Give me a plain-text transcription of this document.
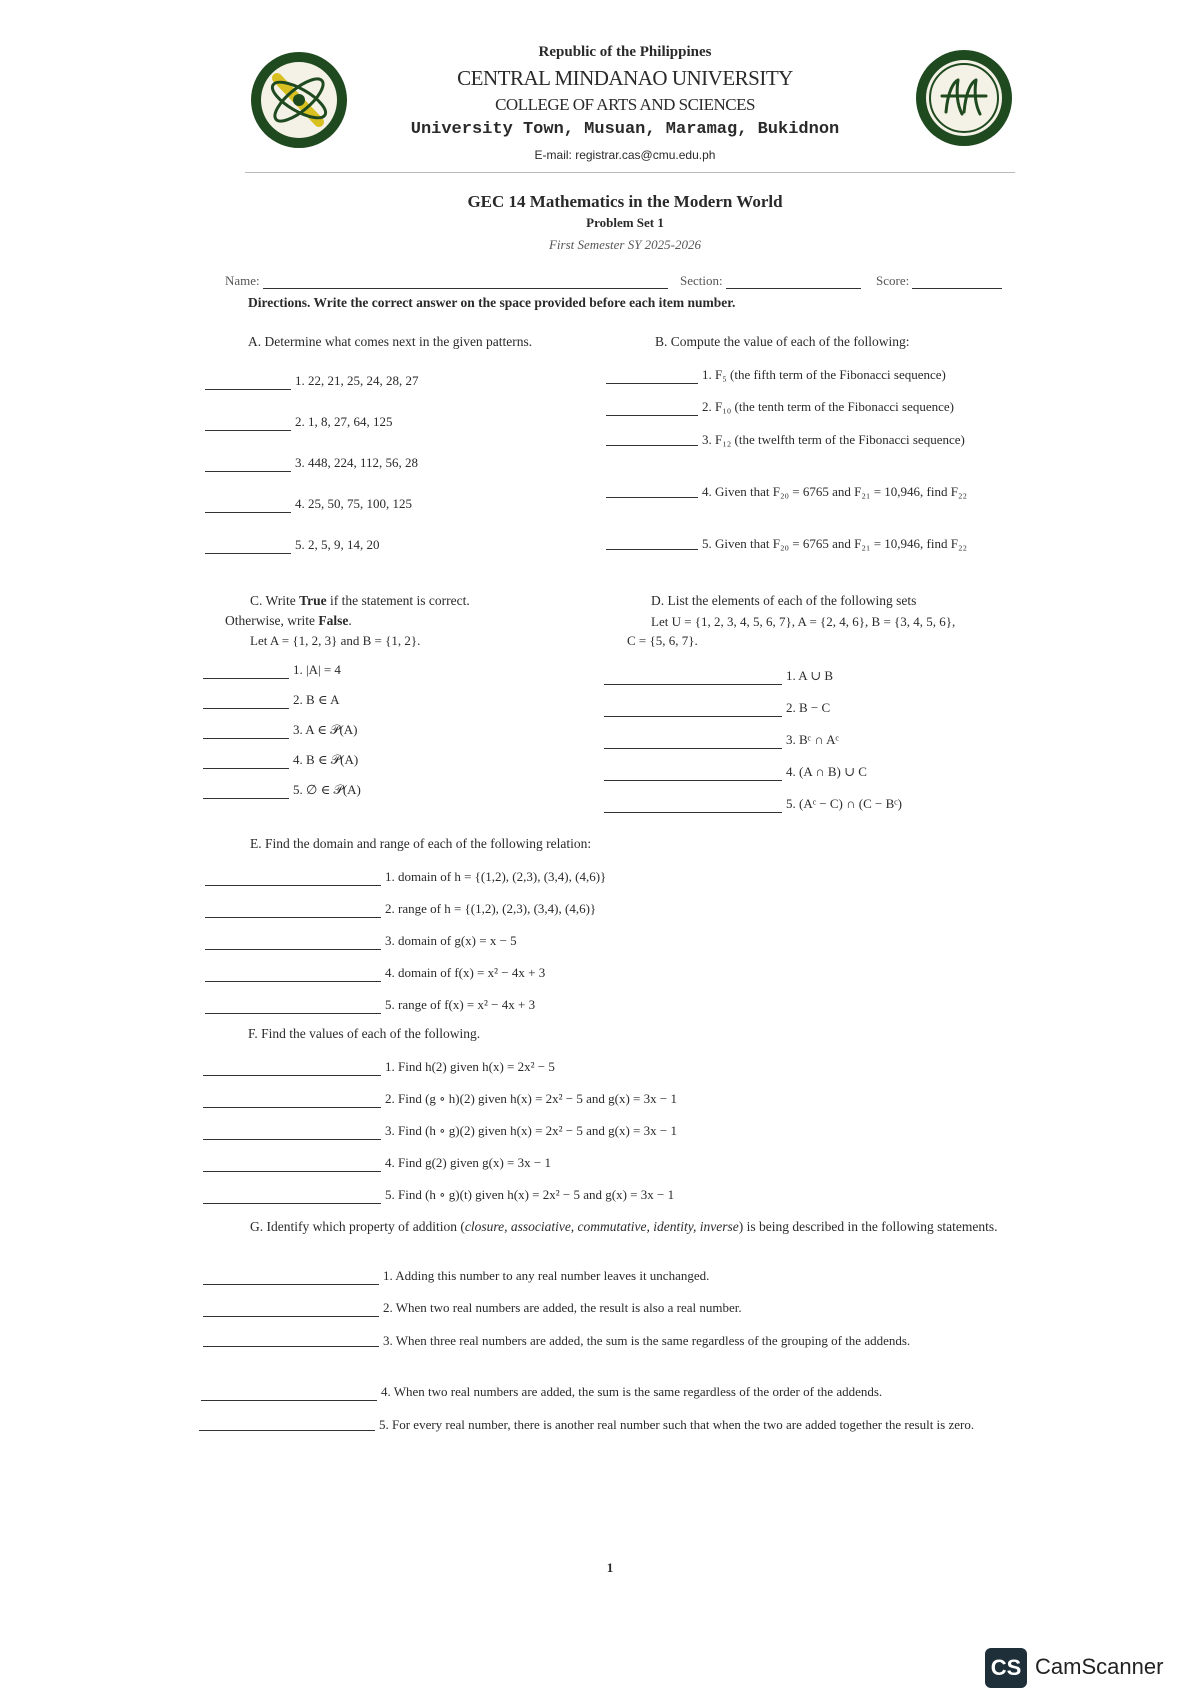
Republic of the Philippines
CENTRAL MINDANAO UNIVERSITY
COLLEGE OF ARTS AND SCIENCES
University Town, Musuan, Maramag, Bukidnon
E-mail: registrar.cas@cmu.edu.ph
GEC 14 Mathematics in the Modern World
Problem Set 1
First Semester SY 2025-2026
Name:	Section:	Score:
Directions. Write the correct answer on the space provided before each item number.
A. Determine what comes next in the given patterns.
1. 22, 21, 25, 24, 28, 27
2. 1, 8, 27, 64, 125
3. 448, 224, 112, 56, 28
4. 25, 50, 75, 100, 125
5. 2, 5, 9, 14, 20
B. Compute the value of each of the following:
1. F₅ (the fifth term of the Fibonacci sequence)
2. F₁₀ (the tenth term of the Fibonacci sequence)
3. F₁₂ (the twelfth term of the Fibonacci sequence)
4. Given that F₂₀ = 6765 and F₂₁ = 10,946, find F₂₂
5. Given that F₂₀ = 6765 and F₂₁ = 10,946, find F₂₂
C. Write True if the statement is correct.
Otherwise, write False.
Let A = {1, 2, 3} and B = {1, 2}.
1. |A| = 4
2. B ∈ A
3. A ∈ 𝒫(A)
4. B ∈ 𝒫(A)
5. ∅ ∈ 𝒫(A)
D. List the elements of each of the following sets
Let U = {1, 2, 3, 4, 5, 6, 7}, A = {2, 4, 6}, B = {3, 4, 5, 6},
C = {5, 6, 7}.
1. A ∪ B
2. B − C
3. Bᶜ ∩ Aᶜ
4. (A ∩ B) ∪ C
5. (Aᶜ − C) ∩ (C − Bᶜ)
E. Find the domain and range of each of the following relation:
1. domain of h = {(1,2), (2,3), (3,4), (4,6)}
2. range of h = {(1,2), (2,3), (3,4), (4,6)}
3. domain of g(x) = x − 5
4. domain of f(x) = x² − 4x + 3
5. range of f(x) = x² − 4x + 3
F. Find the values of each of the following.
1. Find h(2) given h(x) = 2x² − 5
2. Find (g ∘ h)(2) given h(x) = 2x² − 5 and g(x) = 3x − 1
3. Find (h ∘ g)(2) given h(x) = 2x² − 5 and g(x) = 3x − 1
4. Find g(2) given g(x) = 3x − 1
5. Find (h ∘ g)(t) given h(x) = 2x² − 5 and g(x) = 3x − 1
G. Identify which property of addition (closure, associative, commutative, identity, inverse) is being described in the following statements.
1. Adding this number to any real number leaves it unchanged.
2. When two real numbers are added, the result is also a real number.
3. When three real numbers are added, the sum is the same regardless of the grouping of the addends.
4. When two real numbers are added, the sum is the same regardless of the order of the addends.
5. For every real number, there is another real number such that when the two are added together the result is zero.
1
CS CamScanner
